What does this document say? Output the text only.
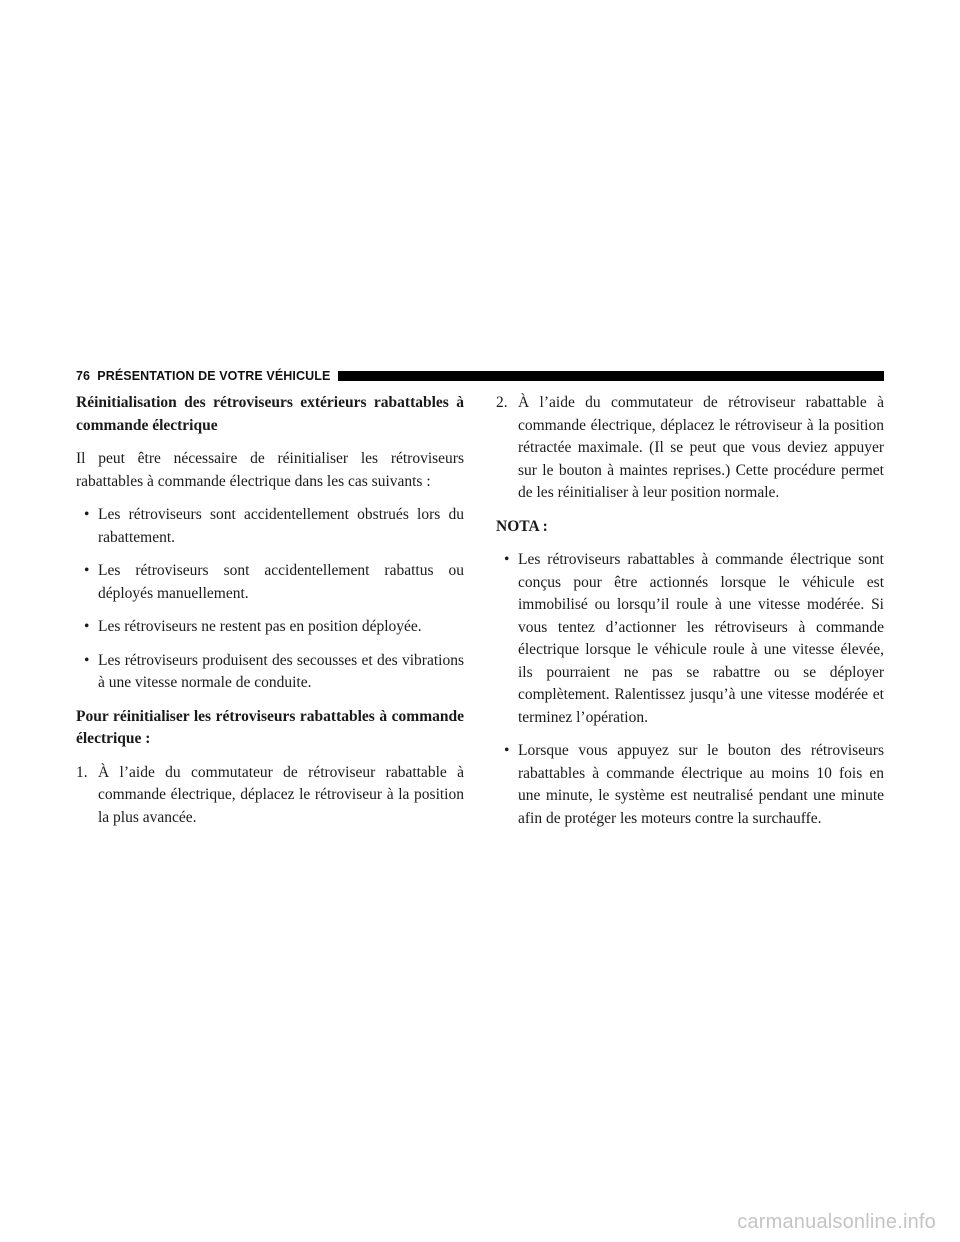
76 PRÉSENTATION DE VOTRE VÉHICULE

Réinitialisation des rétroviseurs extérieurs rabattables à commande électrique

Il peut être nécessaire de réinitialiser les rétroviseurs rabattables à commande électrique dans les cas suivants :

• Les rétroviseurs sont accidentellement obstrués lors du rabattement.
• Les rétroviseurs sont accidentellement rabattus ou déployés manuellement.
• Les rétroviseurs ne restent pas en position déployée.
• Les rétroviseurs produisent des secousses et des vibrations à une vitesse normale de conduite.

Pour réinitialiser les rétroviseurs rabattables à commande électrique :

1. À l’aide du commutateur de rétroviseur rabattable à commande électrique, déplacez le rétroviseur à la position la plus avancée.
2. À l’aide du commutateur de rétroviseur rabattable à commande électrique, déplacez le rétroviseur à la position rétractée maximale. (Il se peut que vous deviez appuyer sur le bouton à maintes reprises.) Cette procédure permet de les réinitialiser à leur position normale.

NOTA :

• Les rétroviseurs rabattables à commande électrique sont conçus pour être actionnés lorsque le véhicule est immobilisé ou lorsqu’il roule à une vitesse modérée. Si vous tentez d’actionner les rétroviseurs à commande électrique lorsque le véhicule roule à une vitesse élevée, ils pourraient ne pas se rabattre ou se déployer complètement. Ralentissez jusqu’à une vitesse modérée et terminez l’opération.
• Lorsque vous appuyez sur le bouton des rétroviseurs rabattables à commande électrique au moins 10 fois en une minute, le système est neutralisé pendant une minute afin de protéger les moteurs contre la surchauffe.
carmanualsonline.info
